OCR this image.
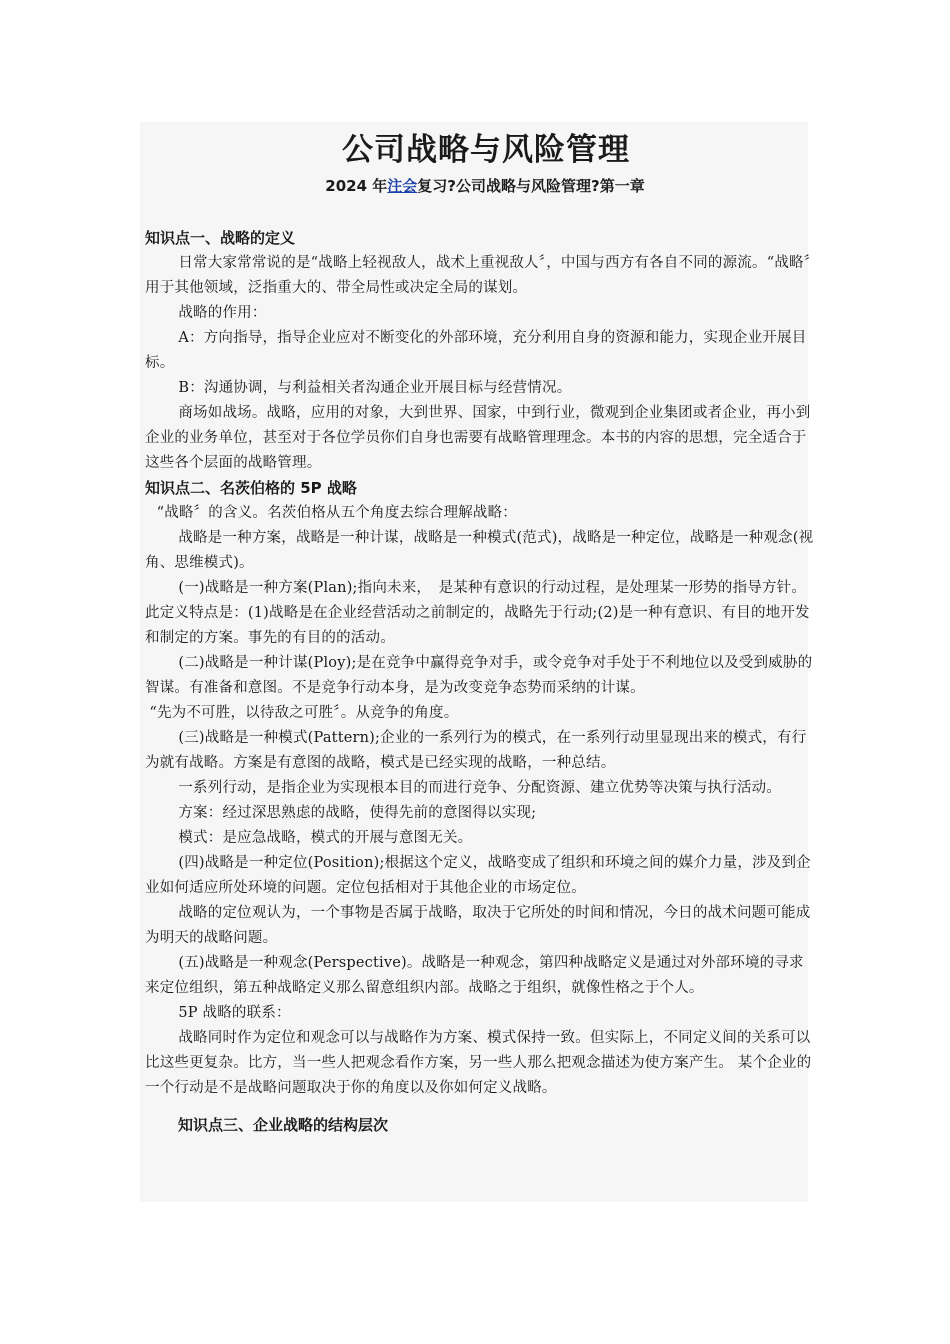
公司战略与风险管理
2024 年注会复习?公司战略与风险管理?第一章
知识点一、战略的定义

日常大家常常说的是“战略上轻视敌人，战术上重视敌人〞，中国与西方有各自不同的源流。“战略〞用于其他领域，泛指重大的、带全局性或决定全局的谋划。

战略的作用：

A：方向指导，指导企业应对不断变化的外部环境，充分利用自身的资源和能力，实现企业开展目标。

B：沟通协调，与利益相关者沟通企业开展目标与经营情况。

商场如战场。战略，应用的对象，大到世界、国家，中到行业，微观到企业集团或者企业，再小到企业的业务单位，甚至对于各位学员你们自身也需要有战略管理理念。本书的内容的思想，完全适合于这些各个层面的战略管理。

知识点二、名茨伯格的 5P 战略

“战略〞的含义。名茨伯格从五个角度去综合理解战略：

战略是一种方案，战略是一种计谋，战略是一种模式(范式)，战略是一种定位，战略是一种观念(视角、思维模式)。

(一)战略是一种方案(Plan);指向未来，　是某种有意识的行动过程，是处理某一形势的指导方针。此定义特点是：(1)战略是在企业经营活动之前制定的，战略先于行动;(2)是一种有意识、有目的地开发和制定的方案。事先的有目的的活动。

(二)战略是一种计谋(Ploy);是在竞争中赢得竞争对手，或令竞争对手处于不利地位以及受到威胁的智谋。有准备和意图。不是竞争行动本身，是为改变竞争态势而采纳的计谋。

“先为不可胜，以待敌之可胜〞。从竞争的角度。

(三)战略是一种模式(Pattern);企业的一系列行为的模式，在一系列行动里显现出来的模式，有行为就有战略。方案是有意图的战略，模式是已经实现的战略，一种总结。

一系列行动，是指企业为实现根本目的而进行竞争、分配资源、建立优势等决策与执行活动。

方案：经过深思熟虑的战略，使得先前的意图得以实现;

模式：是应急战略，模式的开展与意图无关。

(四)战略是一种定位(Position);根据这个定义，战略变成了组织和环境之间的媒介力量，涉及到企业如何适应所处环境的问题。定位包括相对于其他企业的市场定位。

战略的定位观认为，一个事物是否属于战略，取决于它所处的时间和情况，今日的战术问题可能成为明天的战略问题。

(五)战略是一种观念(Perspective)。战略是一种观念，第四种战略定义是通过对外部环境的寻求来定位组织，第五种战略定义那么留意组织内部。战略之于组织，就像性格之于个人。

5P 战略的联系：

战略同时作为定位和观念可以与战略作为方案、模式保持一致。但实际上，不同定义间的关系可以比这些更复杂。比方，当一些人把观念看作方案，另一些人那么把观念描述为使方案产生。 某个企业的一个行动是不是战略问题取决于你的角度以及你如何定义战略。

知识点三、企业战略的结构层次
